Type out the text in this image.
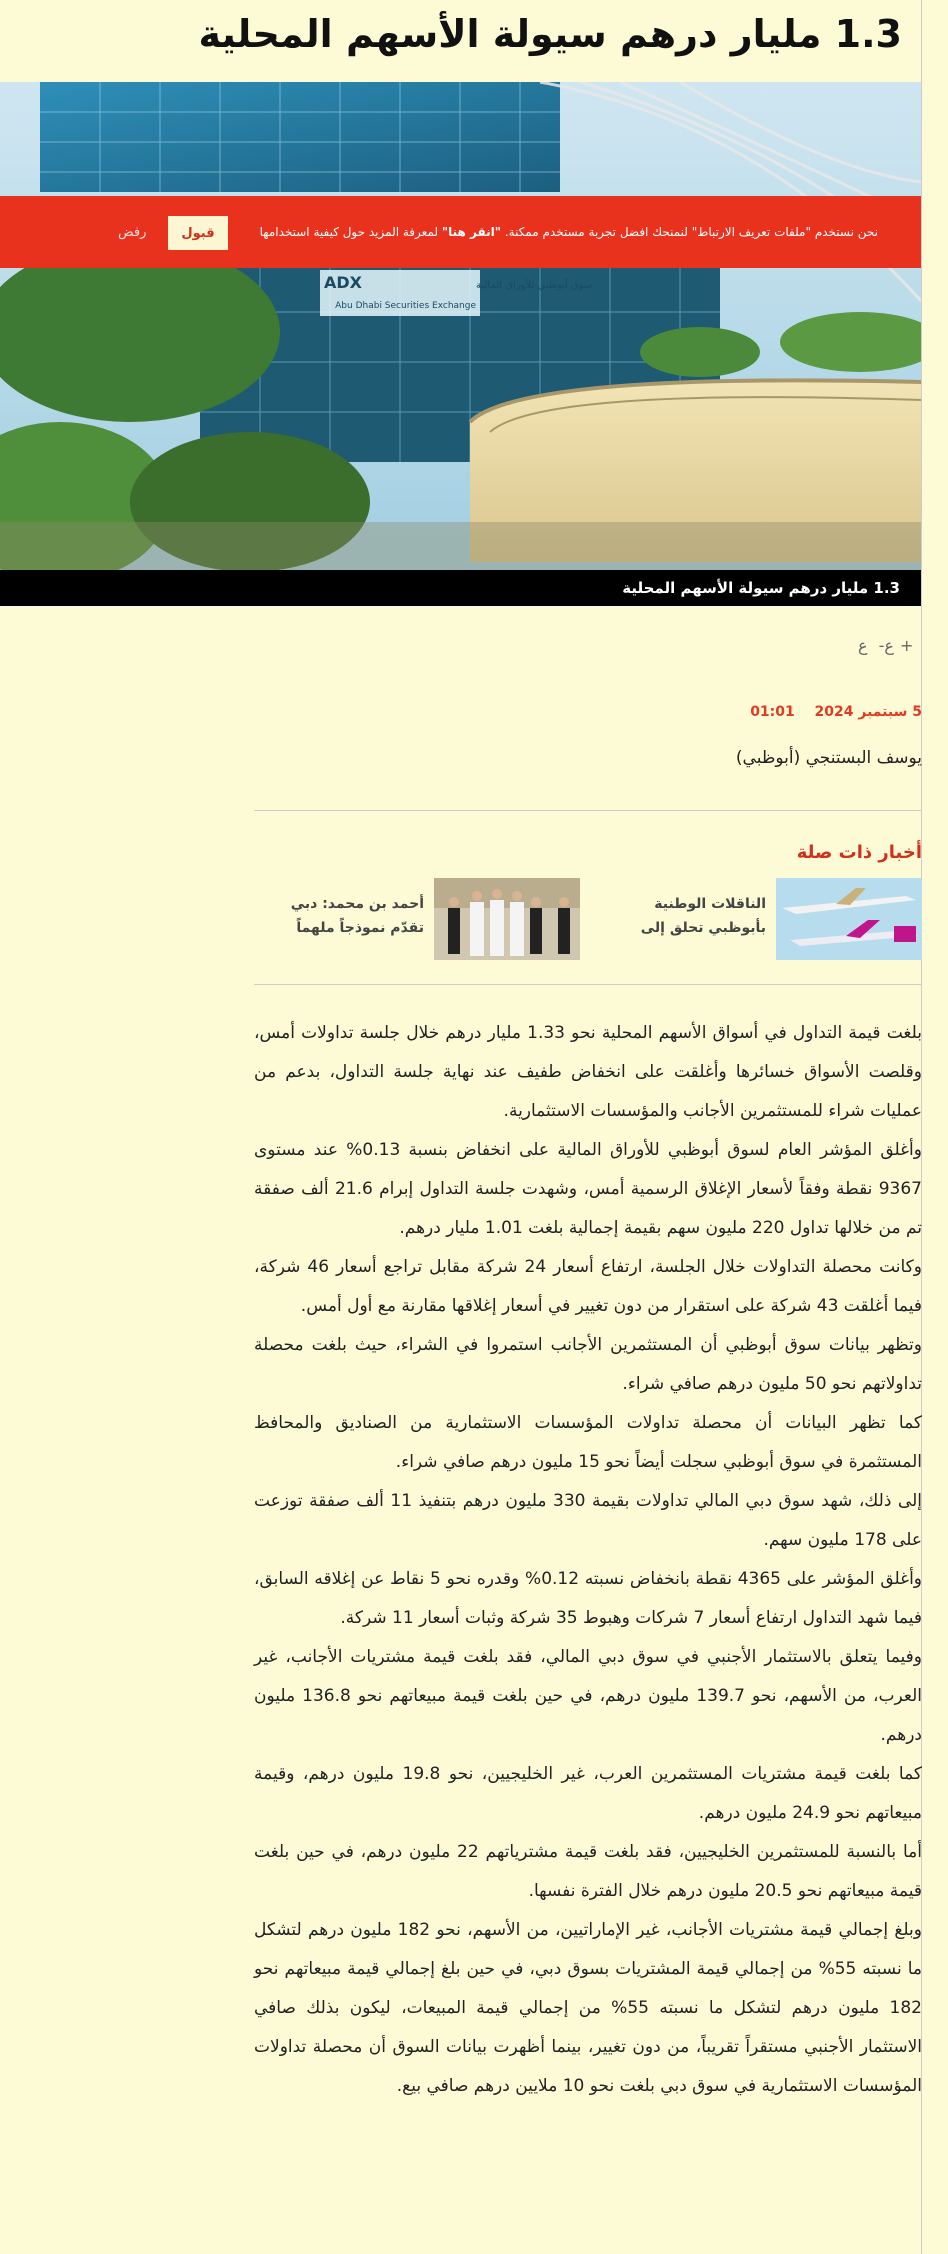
1.3 مليار درهم سيولة الأسهم المحلية
ADX	سوق أبوظبي للأوراق المالية
Abu Dhabi Securities Exchange
1.3 مليار درهم سيولة الأسهم المحلية
نحن نستخدم "ملفات تعريف الارتباط" لنمنحك افضل تجربة مستخدم ممكنة. "انقر هنا" لمعرفة المزيد حول كيفية استخدامها
قبول
رفض
ع- ع+
5 سبتمبر 2024  01:01
يوسف البستنجي (أبوظبي)
أخبار ذات صلة
الناقلات الوطنية
بأبوظبي تحلق إلى
أحمد بن محمد: دبي
تقدّم نموذجاً ملهماً

بلغت قيمة التداول في أسواق الأسهم المحلية نحو 1.33 مليار درهم خلال جلسة تداولات أمس، وقلصت الأسواق خسائرها وأغلقت على انخفاض طفيف عند نهاية جلسة التداول، بدعم من عمليات شراء للمستثمرين الأجانب والمؤسسات الاستثمارية.

وأغلق المؤشر العام لسوق أبوظبي للأوراق المالية على انخفاض بنسبة 0.13% عند مستوى 9367 نقطة وفقاً لأسعار الإغلاق الرسمية أمس، وشهدت جلسة التداول إبرام 21.6 ألف صفقة تم من خلالها تداول 220 مليون سهم بقيمة إجمالية بلغت 1.01 مليار درهم.

وكانت محصلة التداولات خلال الجلسة، ارتفاع أسعار 24 شركة مقابل تراجع أسعار 46 شركة، فيما أغلقت 43 شركة على استقرار من دون تغيير في أسعار إغلاقها مقارنة مع أول أمس.

وتظهر بيانات سوق أبوظبي أن المستثمرين الأجانب استمروا في الشراء، حيث بلغت محصلة تداولاتهم نحو 50 مليون درهم صافي شراء.

كما تظهر البيانات أن محصلة تداولات المؤسسات الاستثمارية من الصناديق والمحافظ المستثمرة في سوق أبوظبي سجلت أيضاً نحو 15 مليون درهم صافي شراء.

إلى ذلك، شهد سوق دبي المالي تداولات بقيمة 330 مليون درهم بتنفيذ 11 ألف صفقة توزعت على 178 مليون سهم.

وأغلق المؤشر على 4365 نقطة بانخفاض نسبته 0.12% وقدره نحو 5 نقاط عن إغلاقه السابق، فيما شهد التداول ارتفاع أسعار 7 شركات وهبوط 35 شركة وثبات أسعار 11 شركة.

وفيما يتعلق بالاستثمار الأجنبي في سوق دبي المالي، فقد بلغت قيمة مشتريات الأجانب، غير العرب، من الأسهم، نحو 139.7 مليون درهم، في حين بلغت قيمة مبيعاتهم نحو 136.8 مليون درهم.

كما بلغت قيمة مشتريات المستثمرين العرب، غير الخليجيين، نحو 19.8 مليون درهم، وقيمة مبيعاتهم نحو 24.9 مليون درهم.

أما بالنسبة للمستثمرين الخليجيين، فقد بلغت قيمة مشترياتهم 22 مليون درهم، في حين بلغت قيمة مبيعاتهم نحو 20.5 مليون درهم خلال الفترة نفسها.

وبلغ إجمالي قيمة مشتريات الأجانب، غير الإماراتيين، من الأسهم، نحو 182 مليون درهم لتشكل ما نسبته 55% من إجمالي قيمة المشتريات بسوق دبي، في حين بلغ إجمالي قيمة مبيعاتهم نحو 182 مليون درهم لتشكل ما نسبته 55% من إجمالي قيمة المبيعات، ليكون بذلك صافي الاستثمار الأجنبي مستقراً تقريباً، من دون تغيير، بينما أظهرت بيانات السوق أن محصلة تداولات المؤسسات الاستثمارية في سوق دبي بلغت نحو 10 ملايين درهم صافي بيع.
